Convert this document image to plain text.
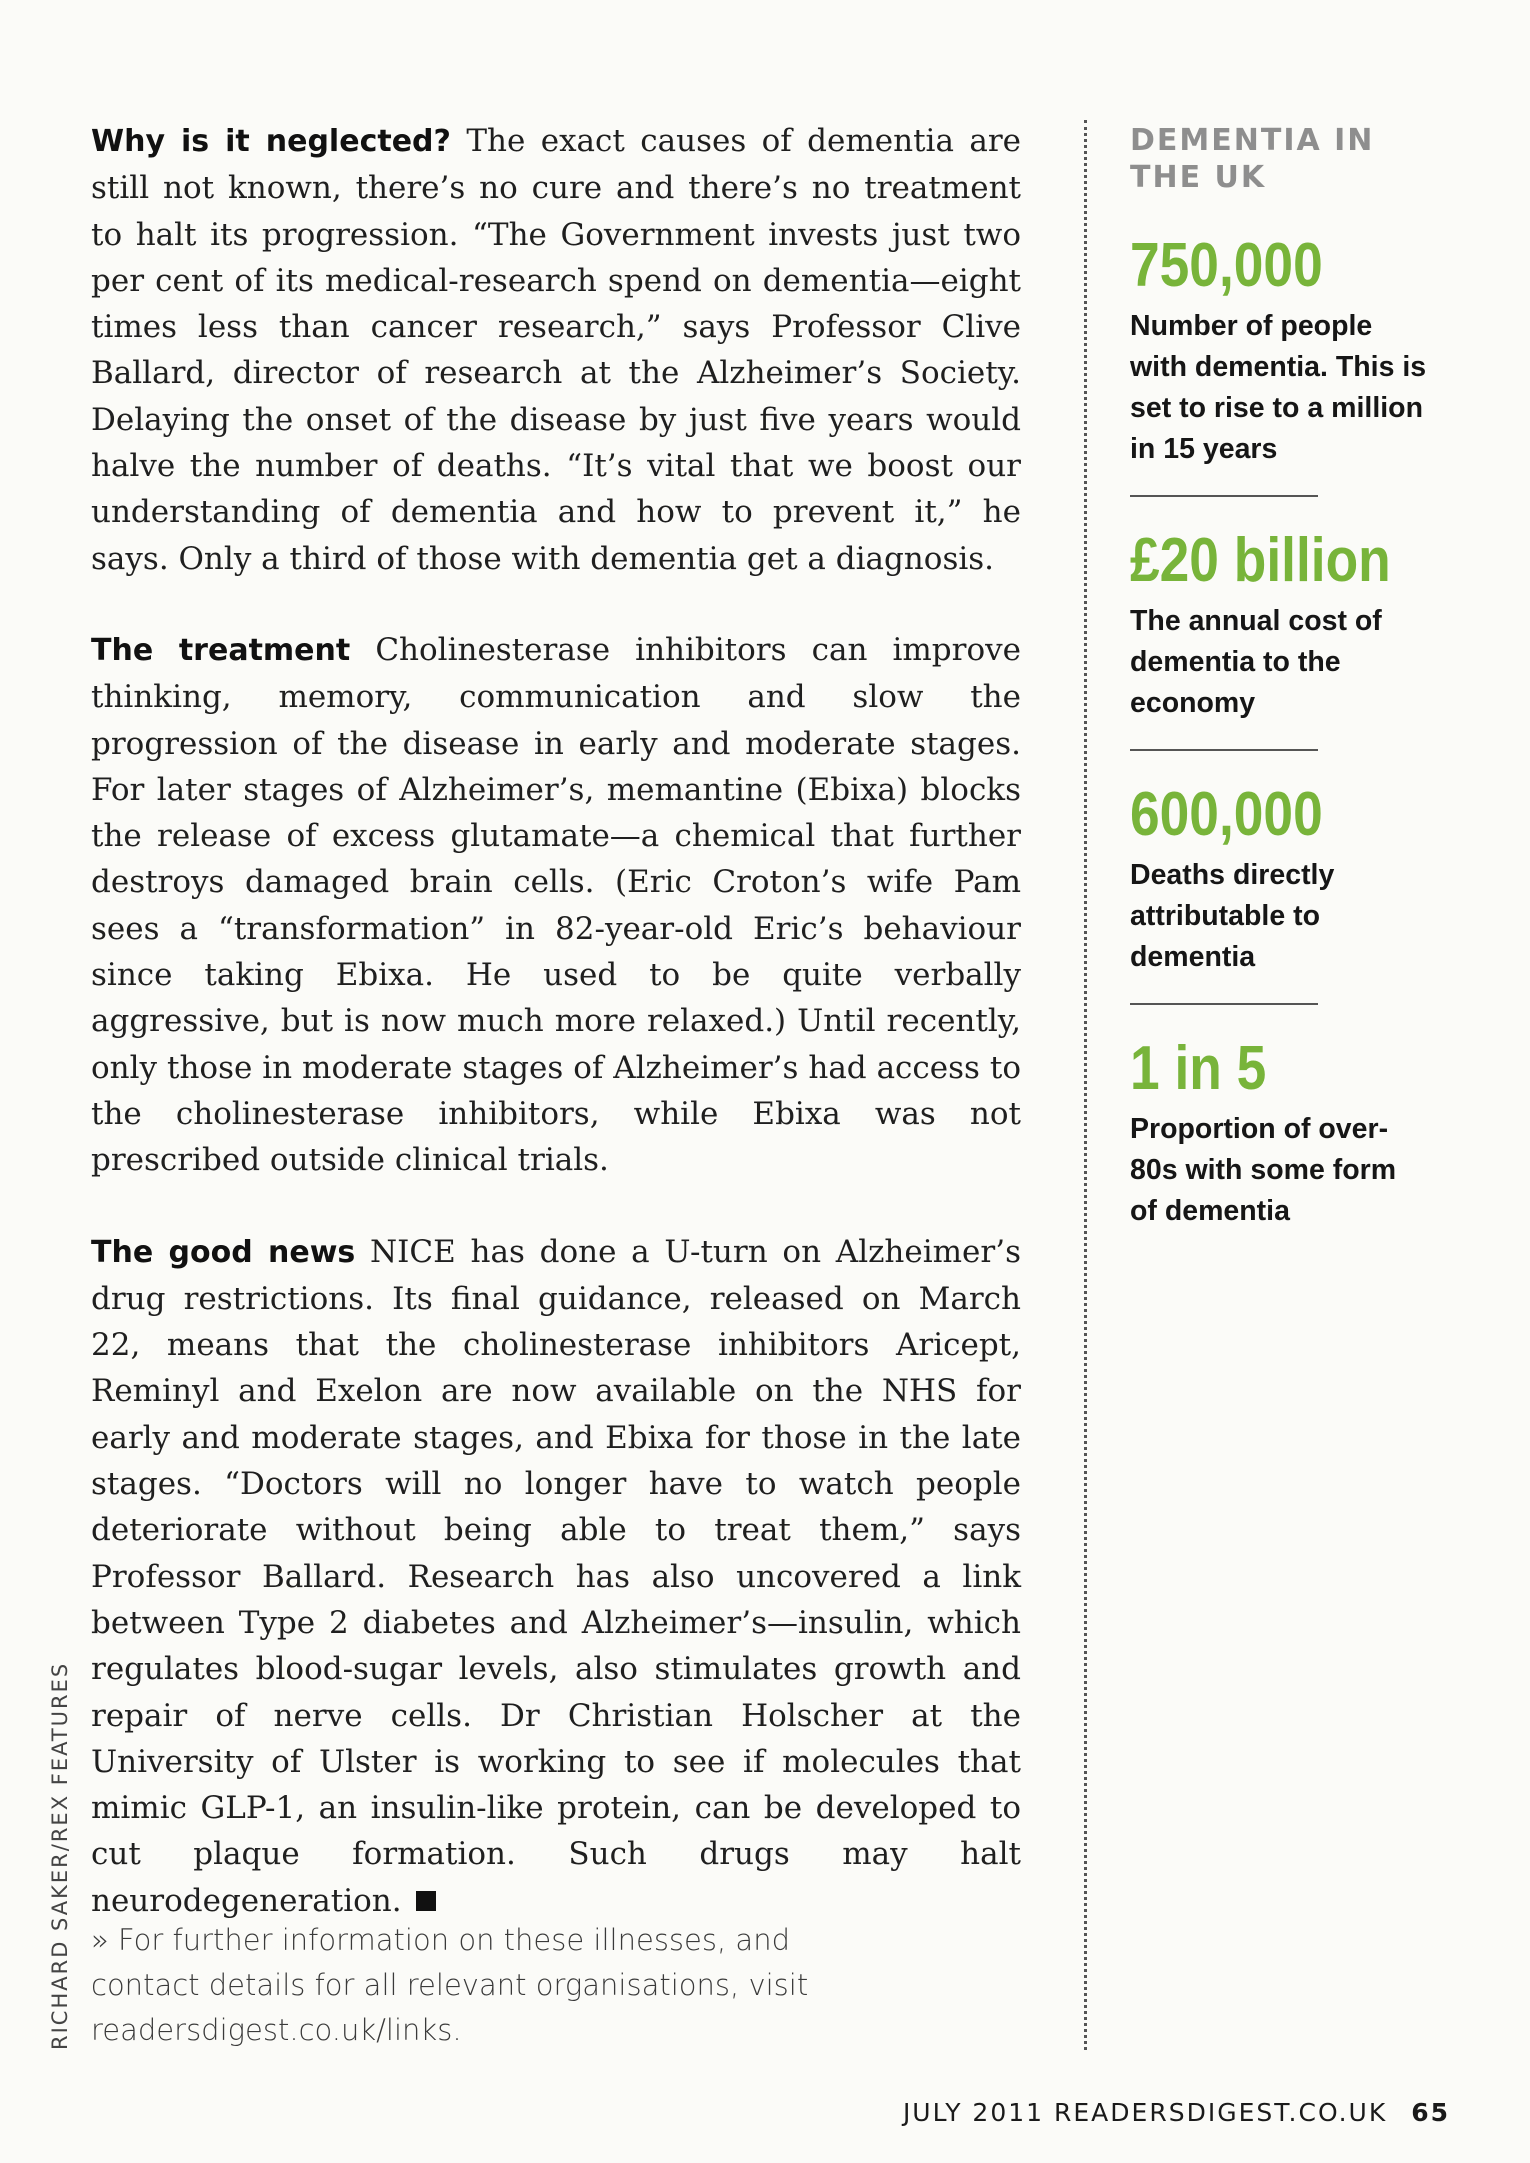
Why is it neglected? The exact causes of dementia are still not known, there’s no cure and there’s no treatment to halt its progression. “The Government invests just two per cent of its medical-research spend on dementia—eight times less than cancer research,” says Professor Clive Ballard, director of research at the Alzheimer’s Society. Delaying the onset of the disease by just five years would halve the number of deaths. “It’s vital that we boost our understanding of dementia and how to prevent it,” he says. Only a third of those with dementia get a diagnosis.

The treatment Cholinesterase inhibitors can improve thinking, memory, communication and slow the progression of the disease in early and moderate stages. For later stages of Alzheimer’s, memantine (Ebixa) blocks the release of excess glutamate—a chemical that further destroys damaged brain cells. (Eric Croton’s wife Pam sees a “transformation” in 82-year-old Eric’s behaviour since taking Ebixa. He used to be quite verbally aggressive, but is now much more relaxed.) Until recently, only those in moderate stages of Alzheimer’s had access to the cholinesterase inhibitors, while Ebixa was not prescribed outside clinical trials.

The good news NICE has done a U-turn on Alzheimer’s drug restrictions. Its final guidance, released on March 22, means that the cholinesterase inhibitors Aricept, Reminyl and Exelon are now available on the NHS for early and moderate stages, and Ebixa for those in the late stages. “Doctors will no longer have to watch people deteriorate without being able to treat them,” says Professor Ballard. Research has also uncovered a link between Type 2 diabetes and Alzheimer’s—insulin, which regulates blood-sugar levels, also stimulates growth and repair of nerve cells. Dr Christian Holscher at the University of Ulster is working to see if molecules that mimic GLP-1, an insulin-like protein, can be developed to cut plaque formation. Such drugs may halt neurodegeneration.

» For further information on these illnesses, and contact details for all relevant organisations, visit readersdigest.co.uk/links.

RICHARD SAKER/REX FEATURES
DEMENTIA IN THE UK
750,000
Number of people with dementia. This is set to rise to a million in 15 years
£20 billion
The annual cost of dementia to the economy
600,000
Deaths directly attributable to dementia
1 in 5
Proportion of over-80s with some form of dementia
JULY 2011 READERSDIGEST.CO.UK 65
